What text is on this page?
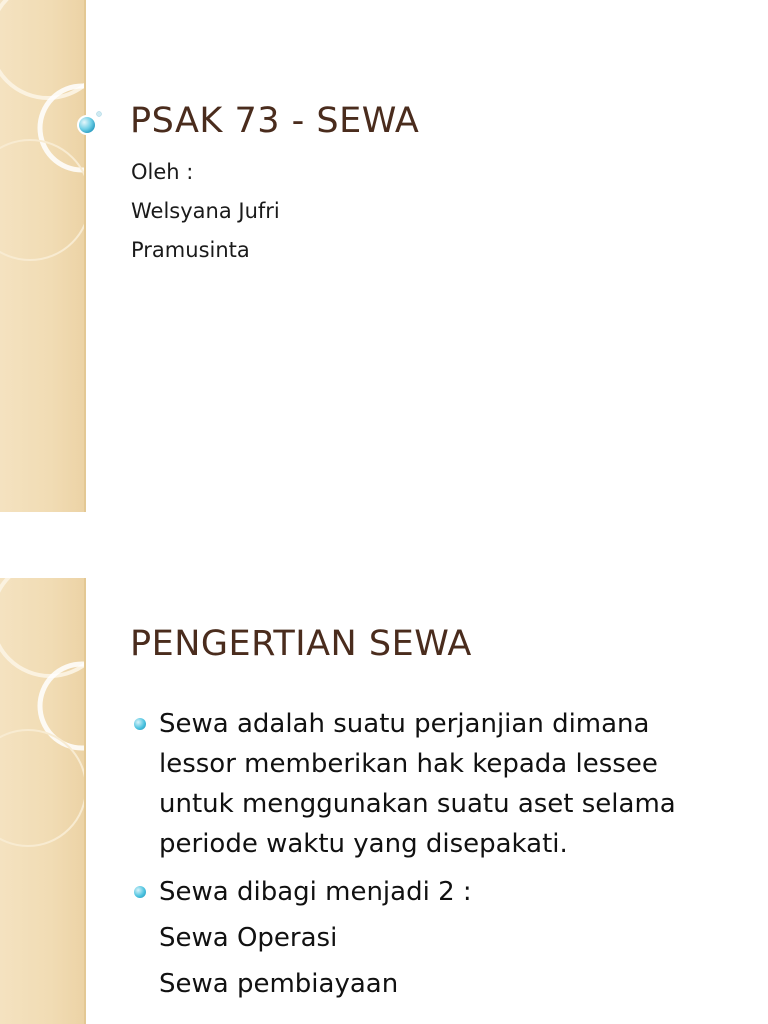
PSAK 73 - SEWA

Oleh :

Welsyana Jufri

Pramusinta

PENGERTIAN SEWA
Sewa adalah suatu perjanjian dimana lessor memberikan hak kepada lessee untuk menggunakan suatu aset selama periode waktu yang disepakati.
Sewa dibagi menjadi 2 :
Sewa Operasi
Sewa pembiayaan
